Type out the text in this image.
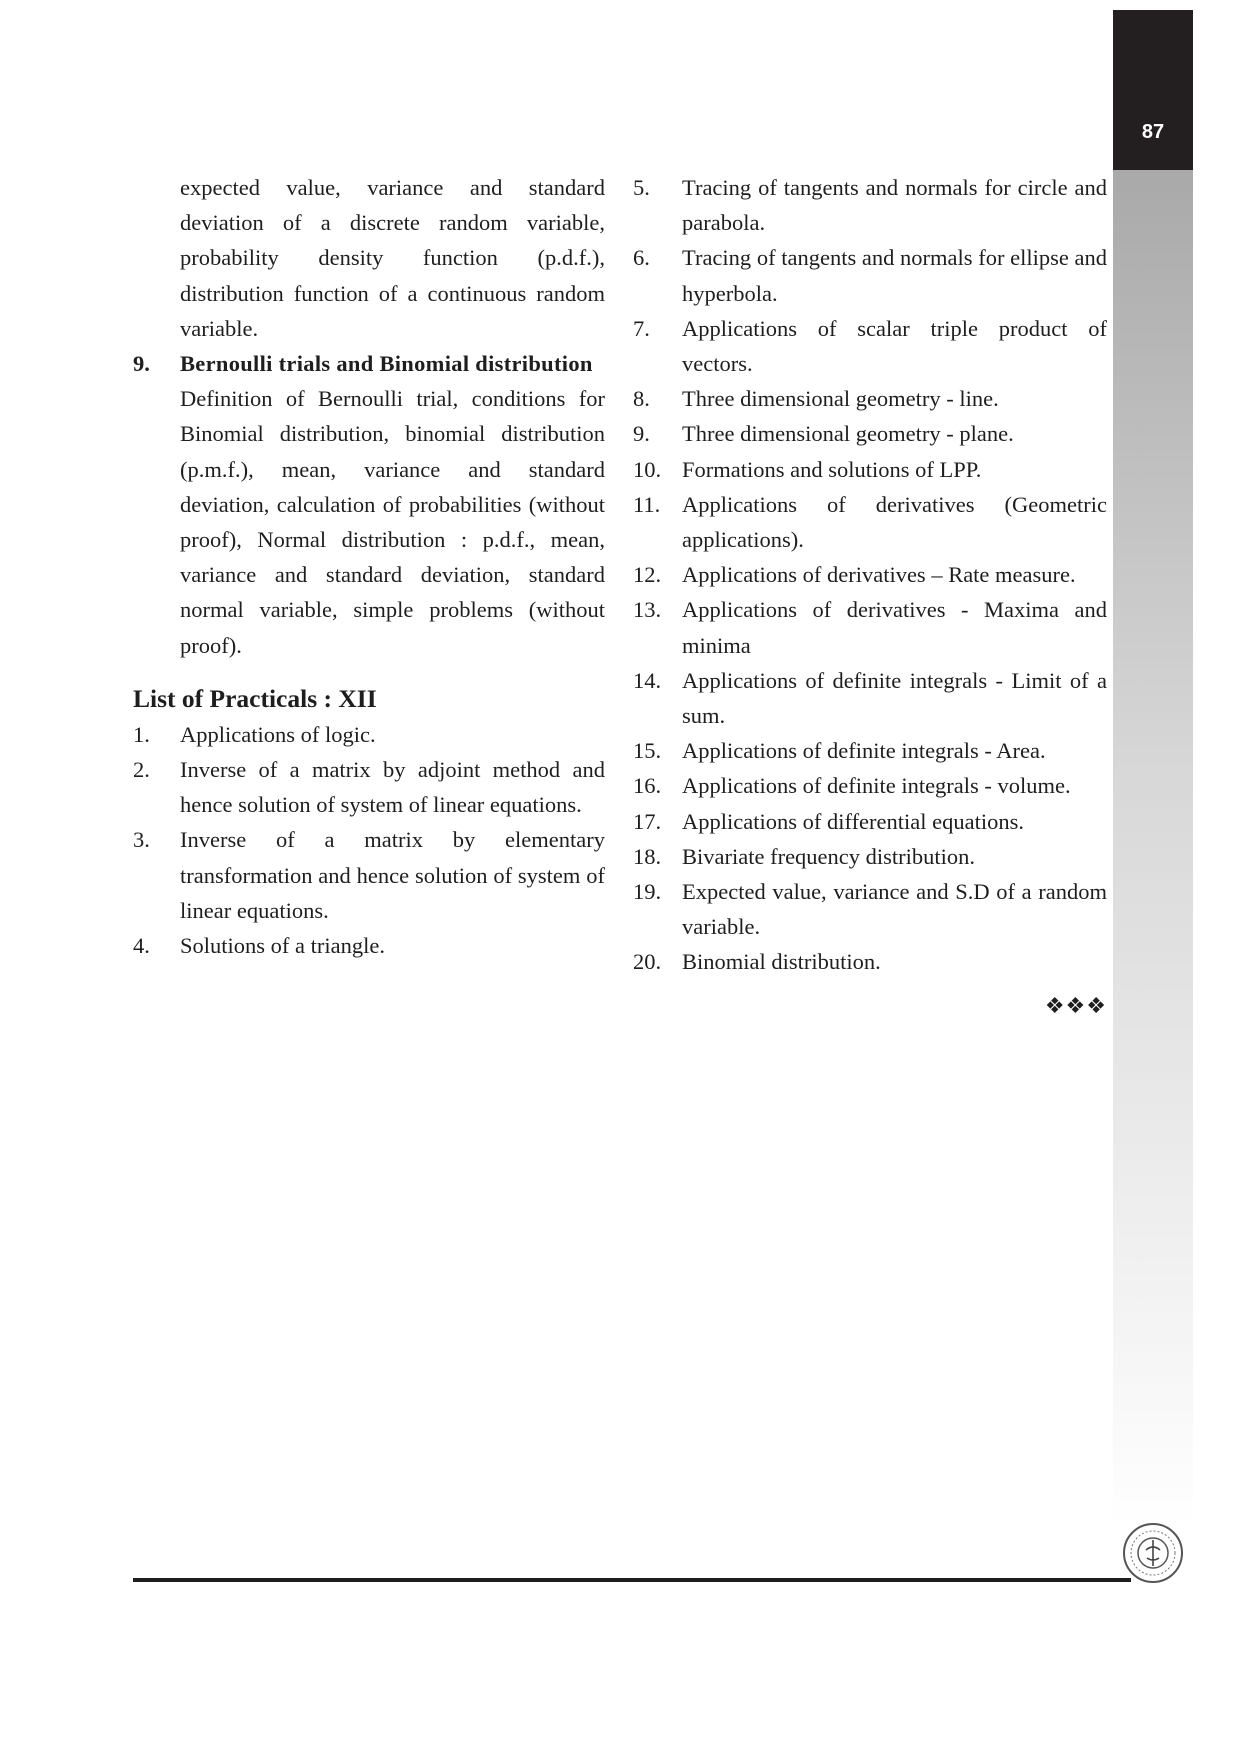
87
expected value, variance and standard deviation of a discrete random variable, probability density function (p.d.f.), distribution function of a continuous random variable.
9.	Bernoulli trials and Binomial distribution
Definition of Bernoulli trial, conditions for Binomial distribution, binomial distribution (p.m.f.), mean, variance and standard deviation, calculation of probabilities (without proof), Normal distribution : p.d.f., mean, variance and standard deviation, standard normal variable, simple problems (without proof).
List of Practicals : XII
1.	Applications of logic.
2.	Inverse of a matrix by adjoint method and hence solution of system of linear equations.
3.	Inverse of a matrix by elementary transformation and hence solution of system of linear equations.
4.	Solutions of a triangle.
5.	Tracing of tangents and normals for circle and parabola.
6.	Tracing of tangents and normals for ellipse and hyperbola.
7.	Applications of scalar triple product of vectors.
8.	Three dimensional geometry - line.
9.	Three dimensional geometry - plane.
10. Formations and solutions of LPP.
11. Applications of derivatives (Geometric applications).
12. Applications of derivatives – Rate measure.
13. Applications of derivatives - Maxima and minima
14. Applications of definite integrals - Limit of a sum.
15. Applications of definite integrals - Area.
16. Applications of definite integrals - volume.
17. Applications of differential equations.
18. Bivariate frequency distribution.
19. Expected value, variance and S.D of a random variable.
20. Binomial distribution.
❖❖❖
